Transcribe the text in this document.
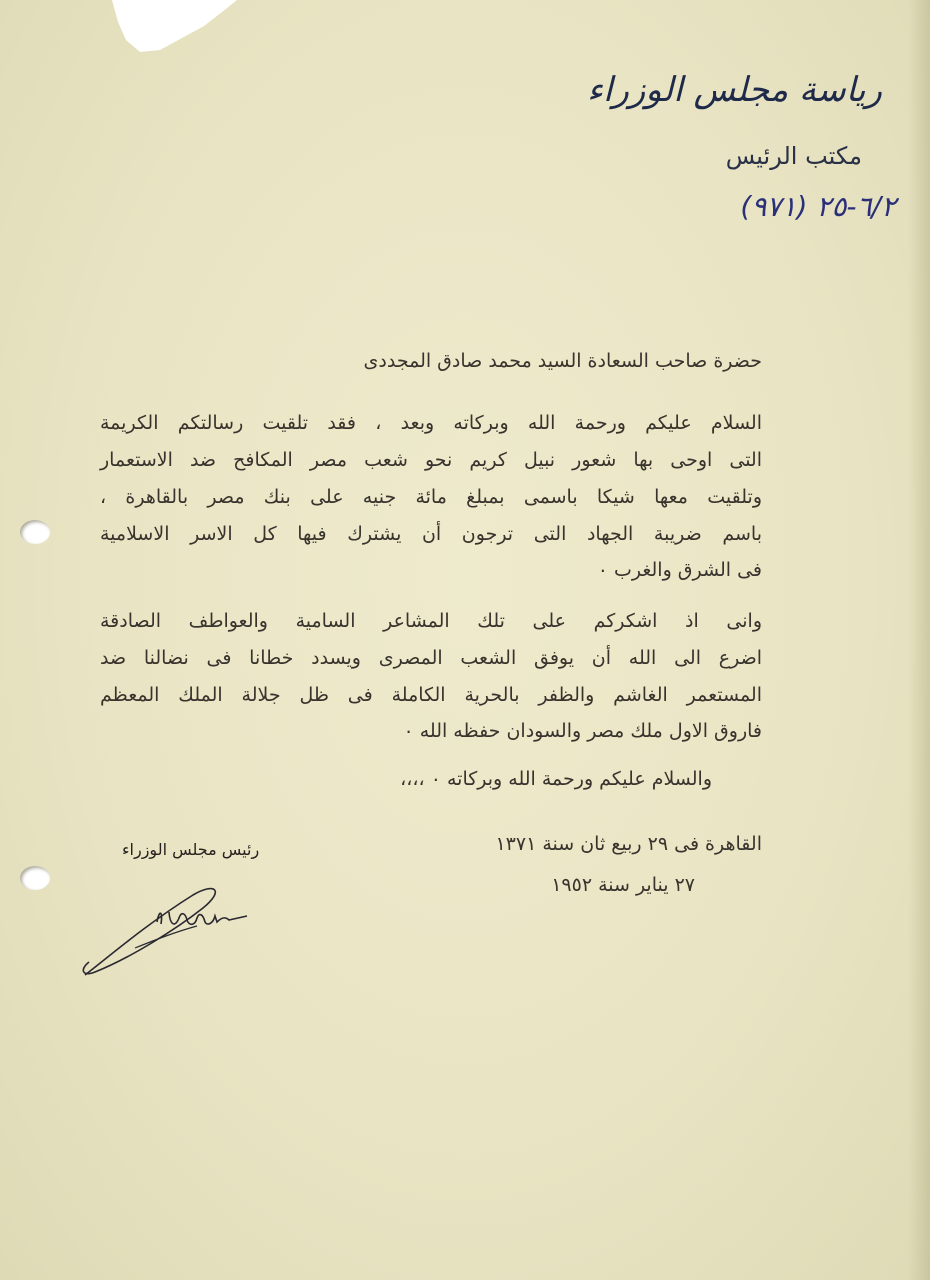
رياسة مجلس الوزراء
مكتب الرئيس
(٩٧١) ٦/٢-٢٥
حضرة صاحب السعادة السيد محمد صادق المجددى
السلام عليكم ورحمة الله وبركاته وبعد ، فقد تلقيت رسالتكم الكريمة
التى اوحى بها شعور نبيل كريم نحو شعب مصر المكافح ضد الاستعمار
وتلقيت معها شيكا باسمى بمبلغ مائة جنيه على بنك مصر بالقاهرة ،
باسم ضريبة الجهاد التى ترجون أن يشترك فيها كل الاسر الاسلامية
فى الشرق والغرب ٠
وانى اذ اشكركم على تلك المشاعر السامية والعواطف الصادقة
اضرع الى الله أن يوفق الشعب المصرى ويسدد خطانا فى نضالنا ضد
المستعمر الغاشم والظفر بالحرية الكاملة فى ظل جلالة الملك المعظم
فاروق الاول ملك مصر والسودان حفظه الله ٠
والسلام عليكم ورحمة الله وبركاته ٠ ،،،،
القاهرة فى ٢٩ ربيع ثان سنة ١٣٧١
٢٧ يناير سنة ١٩٥٢
رئيس مجلس الوزراء
